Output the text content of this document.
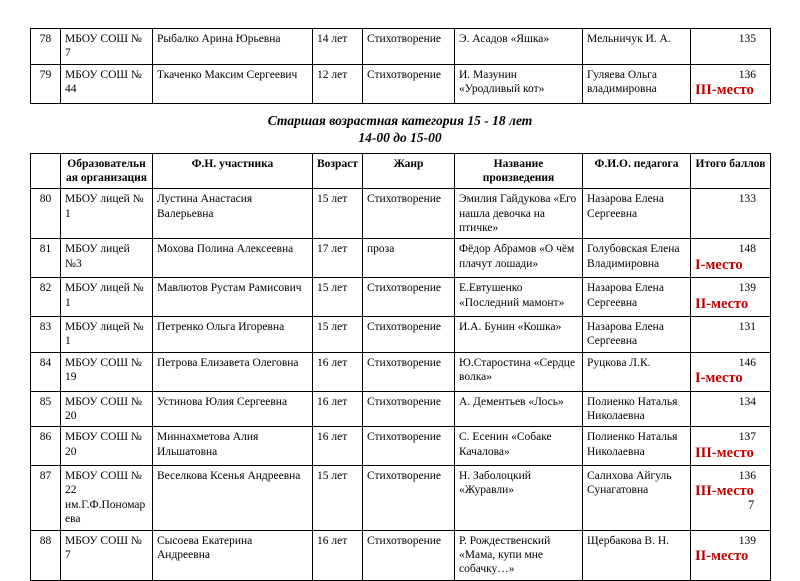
78	МБОУ СОШ № 7	Рыбалко Арина Юрьевна	14 лет	Стихотворение	Э. Асадов «Яшка»	Мельничук И. А.	135

79	МБОУ СОШ № 44	Ткаченко Максим Сергеевич	12 лет	Стихотворение	И. Мазунин «Уродливый кот»	Гуляева Ольга владимировна	136
III-место
Старшая возрастная категория 15 - 18 лет
14-00 до 15-00
	Образовательная организация	Ф.Н. участника	Возраст	Жанр	Название произведения	Ф.И.О. педагога	Итого баллов
80	МБОУ лицей № 1	Лустина Анастасия Валерьевна	15 лет	Стихотворение	Эмилия Гайдукова «Его нашла девочка на птичке»	Назарова Елена Сергеевна	133

81	МБОУ лицей №3	Мохова Полина Алексеевна	17 лет	проза	Фёдор Абрамов «О чём плачут лошади»	Голубовская Елена Владимировна	148
I-место

82	МБОУ лицей № 1	Мавлютов Рустам Рамисович	15 лет	Стихотворение	Е.Евтушенко «Последний мамонт»	Назарова Елена Сергеевна	139
II-место

83	МБОУ лицей № 1	Петренко Ольга Игоревна	15 лет	Стихотворение	И.А. Бунин «Кошка»	Назарова Елена Сергеевна	131

84	МБОУ СОШ № 19	Петрова Елизавета Олеговна	16 лет	Стихотворение	Ю.Старостина «Сердце волка»	Руцкова Л.К.	146
I-место

85	МБОУ СОШ № 20	Устинова Юлия Сергеевна	16 лет	Стихотворение	А. Дементьев «Лось»	Полиенко Наталья Николаевна	134

86	МБОУ СОШ № 20	Миннахметова Алия Ильшатовна	16 лет	Стихотворение	С. Есенин «Собаке Качалова»	Полиенко Наталья Николаевна	137
III-место

87	МБОУ СОШ № 22 им.Г.Ф.Пономарева	Веселкова Ксенья Андреевна	15 лет	Стихотворение	Н. Заболоцкий «Журавли»	Салихова Айгуль Сунагатовна	136
III-место

88	МБОУ СОШ № 7	Сысоева Екатерина Андреевна	16 лет	Стихотворение	Р. Рождественский «Мама, купи мне собачку…»	Щербакова В. Н.	139
II-место
7
